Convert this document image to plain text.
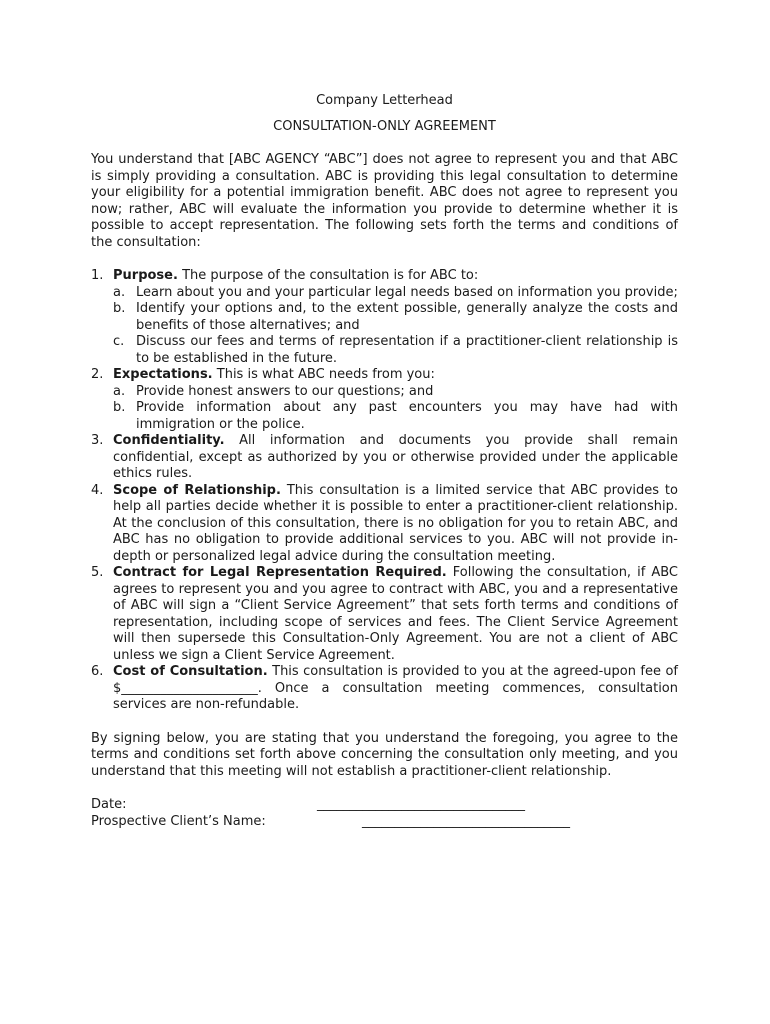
Company Letterhead
CONSULTATION-ONLY AGREEMENT

You understand that [ABC AGENCY “ABC”] does not agree to represent you and that ABC is simply providing a consultation. ABC is providing this legal consultation to determine your eligibility for a potential immigration benefit. ABC does not agree to represent you now; rather, ABC will evaluate the information you provide to determine whether it is possible to accept representation. The following sets forth the terms and conditions of the consultation:

1. Purpose. The purpose of the consultation is for ABC to:
a. Learn about you and your particular legal needs based on information you provide;
b. Identify your options and, to the extent possible, generally analyze the costs and benefits of those alternatives; and
c. Discuss our fees and terms of representation if a practitioner-client relationship is to be established in the future.
2. Expectations. This is what ABC needs from you:
a. Provide honest answers to our questions; and
b. Provide information about any past encounters you may have had with immigration or the police.
3. Confidentiality. All information and documents you provide shall remain confidential, except as authorized by you or otherwise provided under the applicable ethics rules.
4. Scope of Relationship. This consultation is a limited service that ABC provides to help all parties decide whether it is possible to enter a practitioner-client relationship. At the conclusion of this consultation, there is no obligation for you to retain ABC, and ABC has no obligation to provide additional services to you. ABC will not provide in-depth or personalized legal advice during the consultation meeting.
5. Contract for Legal Representation Required. Following the consultation, if ABC agrees to represent you and you agree to contract with ABC, you and a representative of ABC will sign a “Client Service Agreement” that sets forth terms and conditions of representation, including scope of services and fees. The Client Service Agreement will then supersede this Consultation-Only Agreement. You are not a client of ABC unless we sign a Client Service Agreement.
6. Cost of Consultation. This consultation is provided to you at the agreed-upon fee of $_____________________. Once a consultation meeting commences, consultation services are non-refundable.

By signing below, you are stating that you understand the foregoing, you agree to the terms and conditions set forth above concerning the consultation only meeting, and you understand that this meeting will not establish a practitioner-client relationship.

Date:	________________________________
Prospective Client’s Name:	________________________________
